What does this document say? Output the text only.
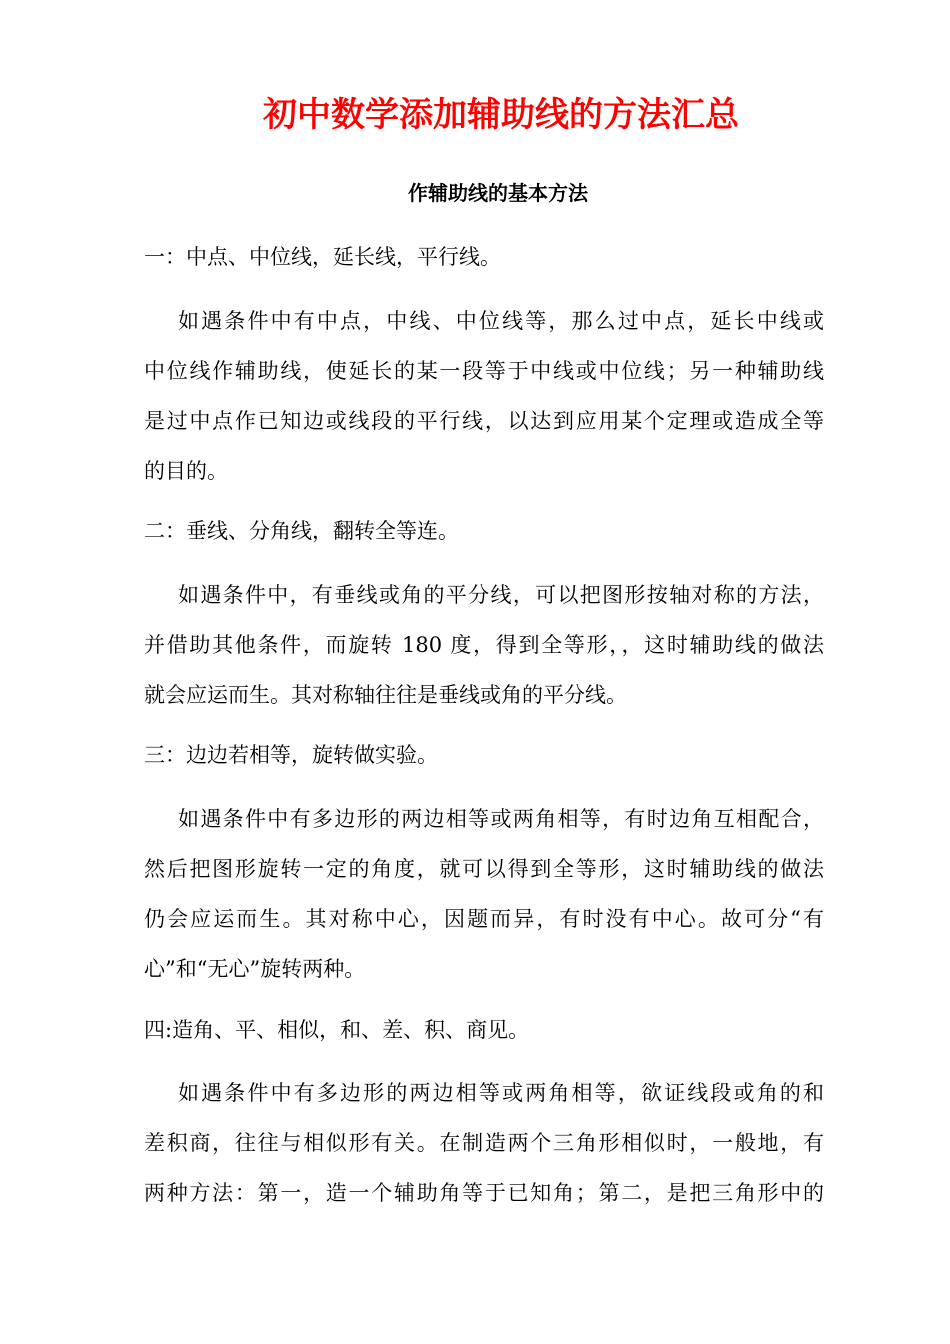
初中数学添加辅助线的方法汇总
作辅助线的基本方法
一：中点、中位线，延长线，平行线。
如遇条件中有中点，中线、中位线等，那么过中点，延长中线或
中位线作辅助线，使延长的某一段等于中线或中位线；另一种辅助线
是过中点作已知边或线段的平行线，以达到应用某个定理或造成全等
的目的。
二：垂线、分角线，翻转全等连。
如遇条件中，有垂线或角的平分线，可以把图形按轴对称的方法，
并借助其他条件，而旋转 180 度，得到全等形，，这时辅助线的做法
就会应运而生。其对称轴往往是垂线或角的平分线。
三：边边若相等，旋转做实验。
如遇条件中有多边形的两边相等或两角相等，有时边角互相配合，
然后把图形旋转一定的角度，就可以得到全等形，这时辅助线的做法
仍会应运而生。其对称中心，因题而异，有时没有中心。故可分“有
心”和“无心”旋转两种。
四:造角、平、相似，和、差、积、商见。
如遇条件中有多边形的两边相等或两角相等，欲证线段或角的和
差积商，往往与相似形有关。在制造两个三角形相似时，一般地，有
两种方法：第一，造一个辅助角等于已知角；第二，是把三角形中的
